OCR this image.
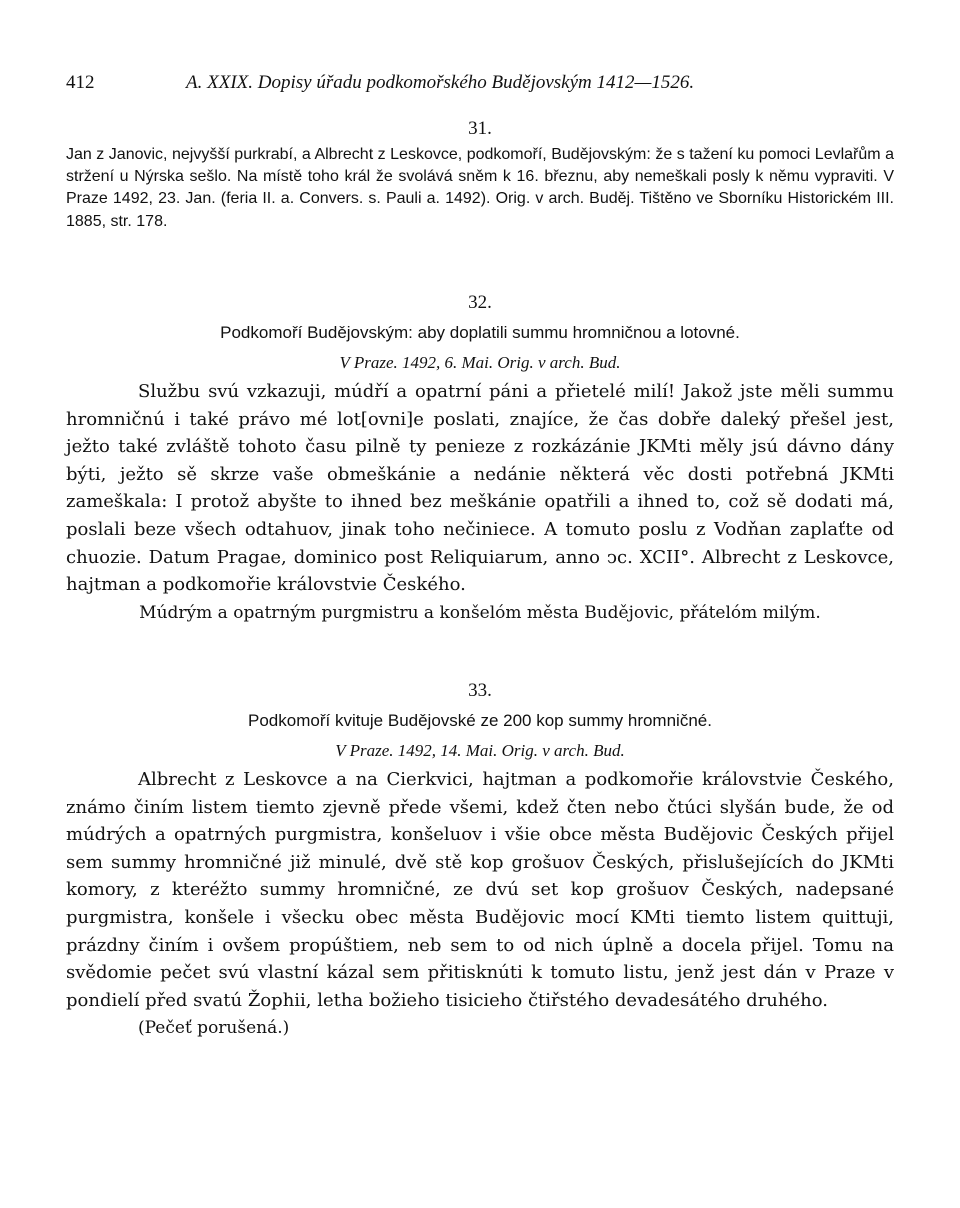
412	A. XXIX. Dopisy úřadu podkomořského Budějovským 1412—1526.
31.
Jan z Janovic, nejvyšší purkrabí, a Albrecht z Leskovce, podkomoří, Budějovským: že s tažení ku pomoci Levlařům a stržení u Nýrska sešlo. Na místě toho král že svolává sněm k 16. březnu, aby nemeškali posly k němu vypraviti. V Praze 1492, 23. Jan. (feria II. a. Convers. s. Pauli a. 1492). Orig. v arch. Buděj. Tištěno ve Sborníku Historickém III. 1885, str. 178.
32.
Podkomoří Budějovským: aby doplatili summu hromničnou a lotovné.
V Praze. 1492, 6. Mai. Orig. v arch. Bud.
Službu svú vzkazuji, múdří a opatrní páni a přietelé milí! Jakož jste měli summu hromničnú i také právo mé lot[ovni]e poslati, znajíce, že čas dobře daleký přešel jest, ježto také zvláště tohoto času pilně ty penieze z rozkázánie JKMti měly jsú dávno dány býti, ježto sě skrze vaše obmeškánie a nedánie některá věc dosti potřebná JKMti zameškala: I protož abyšte to ihned bez meškánie opatřili a ihned to, což sě dodati má, poslali beze všech odtahuov, jinak toho nečiniece. A tomuto poslu z Vodňan zaplaťte od chuozie. Datum Pragae, dominico post Reliquiarum, anno ↄc. XCII°. Albrecht z Leskovce, hajtman a podkomořie královstvie Českého.
Múdrým a opatrným purgmistru a konšelóm města Budějovic, přátelóm milým.
33.
Podkomoří kvituje Budějovské ze 200 kop summy hromničné.
V Praze. 1492, 14. Mai. Orig. v arch. Bud.
Albrecht z Leskovce a na Cierkvici, hajtman a podkomořie královstvie Českého, známo činím listem tiemto zjevně přede všemi, kdež čten nebo čtúci slyšán bude, že od múdrých a opatrných purgmistra, konšeluov i všie obce města Budějovic Českých přijel sem summy hromničné již minulé, dvě stě kop grošuov Českých, přislušejících do JKMti komory, z kteréžto summy hromničné, ze dvú set kop grošuov Českých, nadepsané purgmistra, konšele i všecku obec města Budějovic mocí KMti tiemto listem quittuji, prázdny činím i ovšem propúštiem, neb sem to od nich úplně a docela přijel. Tomu na svědomie pečet svú vlastní kázal sem přitisknúti k tomuto listu, jenž jest dán v Praze v pondielí před svatú Žophii, letha božieho tisicieho čtiřstého devadesátého druhého.
(Pečeť porušená.)
